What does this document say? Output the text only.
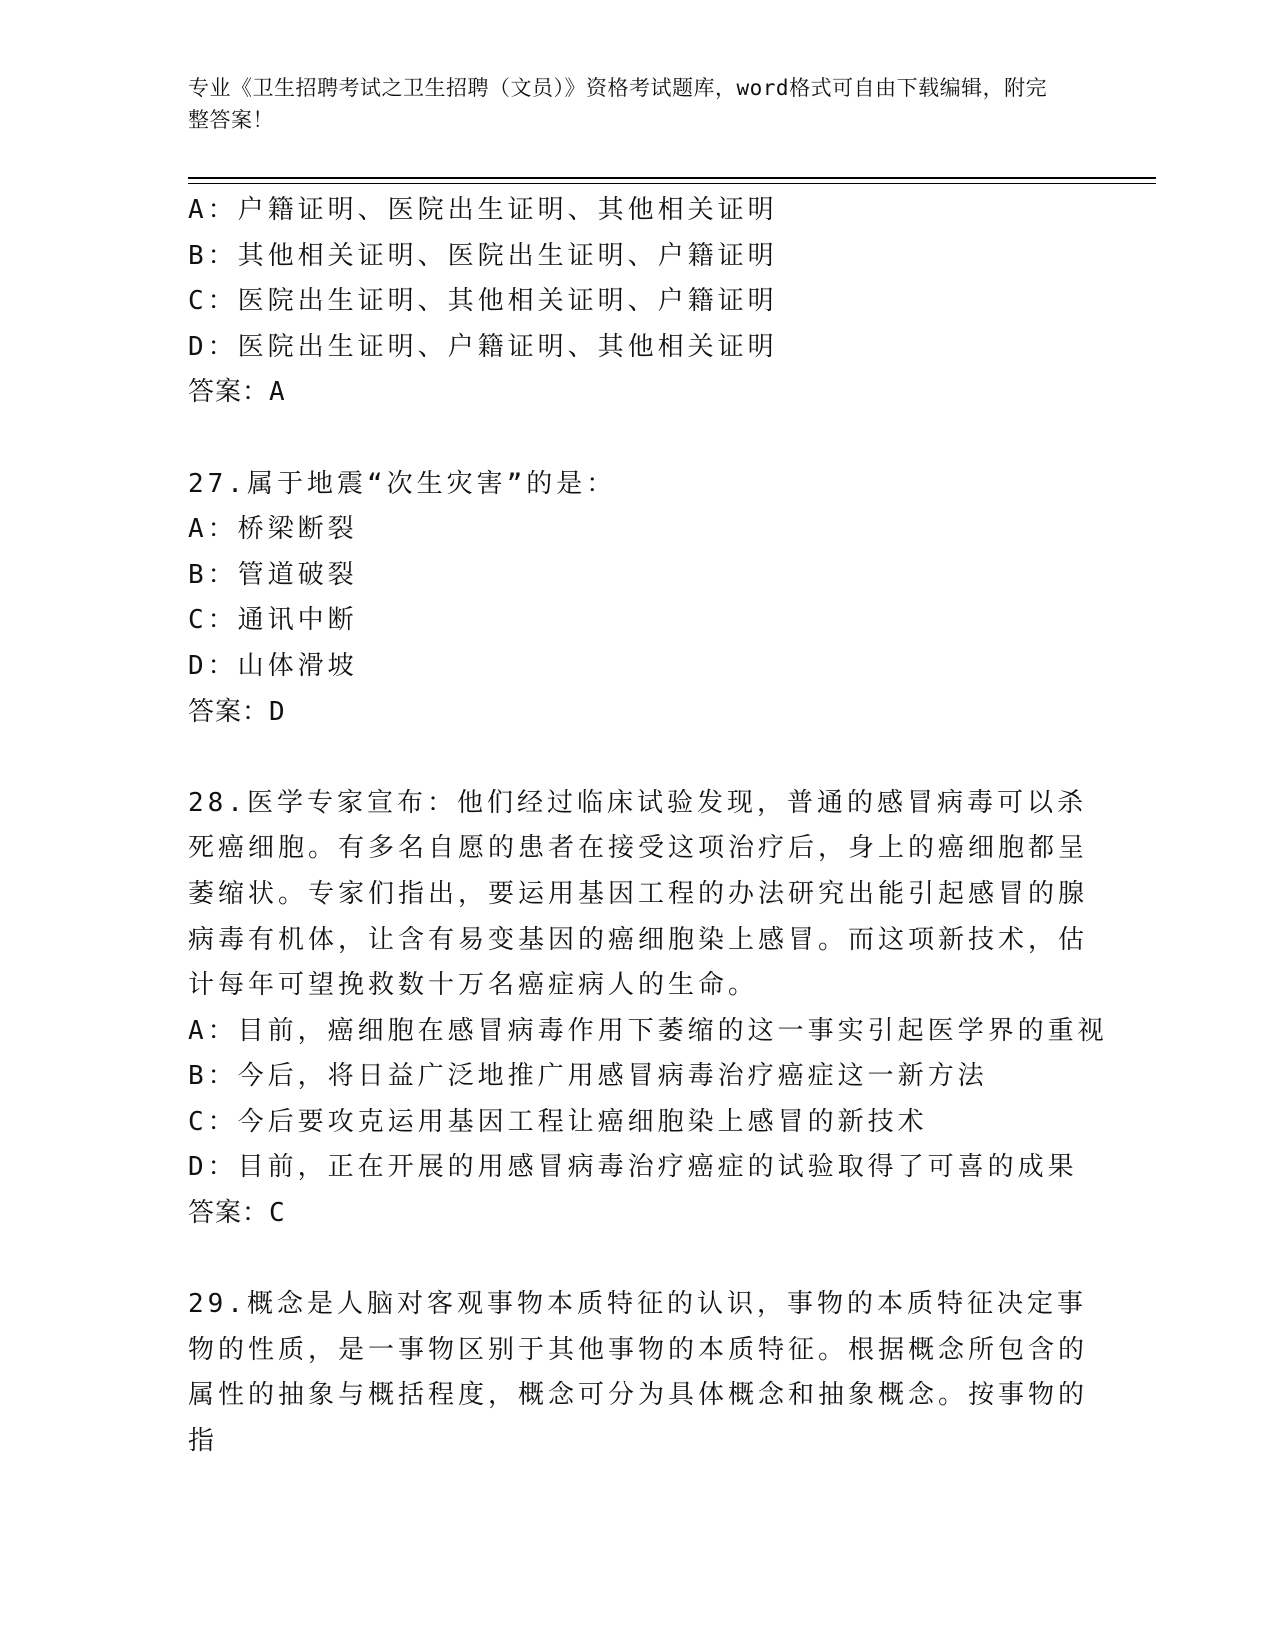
专业《卫生招聘考试之卫生招聘（文员）》资格考试题库，word格式可自由下载编辑，附完整答案！
A：户籍证明、医院出生证明、其他相关证明
B：其他相关证明、医院出生证明、户籍证明
C：医院出生证明、其他相关证明、户籍证明
D：医院出生证明、户籍证明、其他相关证明
答案：A
27.属于地震“次生灾害”的是：
A：桥梁断裂
B：管道破裂
C：通讯中断
D：山体滑坡
答案：D
28.医学专家宣布：他们经过临床试验发现，普通的感冒病毒可以杀死癌细胞。有多名自愿的患者在接受这项治疗后，身上的癌细胞都呈萎缩状。专家们指出，要运用基因工程的办法研究出能引起感冒的腺病毒有机体，让含有易变基因的癌细胞染上感冒。而这项新技术，估计每年可望挽救数十万名癌症病人的生命。
A：目前，癌细胞在感冒病毒作用下萎缩的这一事实引起医学界的重视
B：今后，将日益广泛地推广用感冒病毒治疗癌症这一新方法
C：今后要攻克运用基因工程让癌细胞染上感冒的新技术
D：目前，正在开展的用感冒病毒治疗癌症的试验取得了可喜的成果
答案：C
29.概念是人脑对客观事物本质特征的认识，事物的本质特征决定事物的性质，是一事物区别于其他事物的本质特征。根据概念所包含的属性的抽象与概括程度，概念可分为具体概念和抽象概念。按事物的指
